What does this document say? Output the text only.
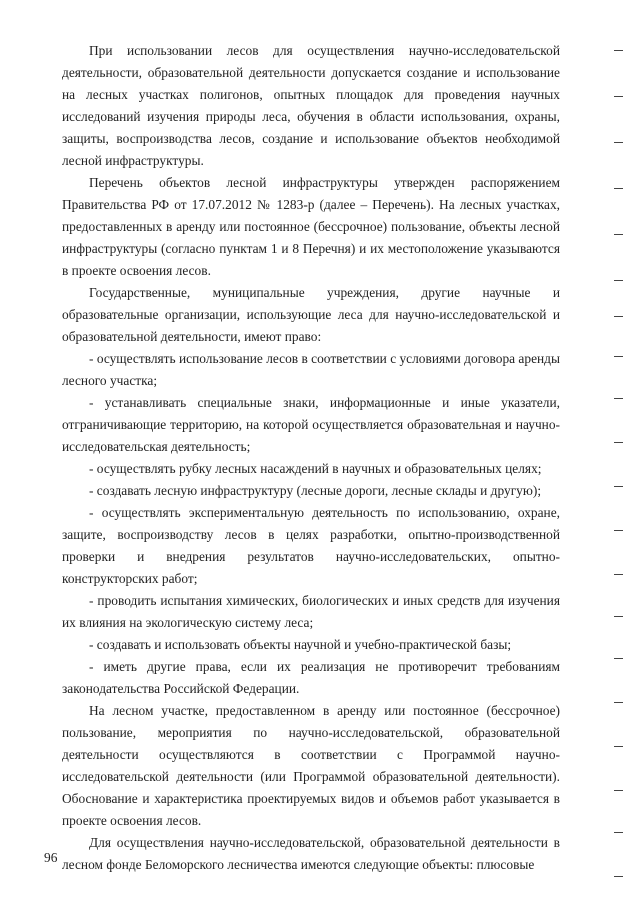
При использовании лесов для осуществления научно-исследовательской деятельности, образовательной деятельности допускается создание и использование на лесных участках полигонов, опытных площадок для проведения научных исследований изучения природы леса, обучения в области использования, охраны, защиты, воспроизводства лесов, создание и использование объектов необходимой лесной инфраструктуры.

Перечень объектов лесной инфраструктуры утвержден распоряжением Правительства РФ от 17.07.2012 № 1283-р (далее – Перечень). На лесных участках, предоставленных в аренду или постоянное (бессрочное) пользование, объекты лесной инфраструктуры (согласно пунктам 1 и 8 Перечня) и их местоположение указываются в проекте освоения лесов.

Государственные, муниципальные учреждения, другие научные и образовательные организации, использующие леса для научно-исследовательской и образовательной деятельности, имеют право:

- осуществлять использование лесов в соответствии с условиями договора аренды лесного участка;

- устанавливать специальные знаки, информационные и иные указатели, отграничивающие территорию, на которой осуществляется образовательная и научно-исследовательская деятельность;

- осуществлять рубку лесных насаждений в научных и образовательных целях;

- создавать лесную инфраструктуру (лесные дороги, лесные склады и другую);

- осуществлять экспериментальную деятельность по использованию, охране, защите, воспроизводству лесов в целях разработки, опытно-производственной проверки и внедрения результатов научно-исследовательских, опытно-конструкторских работ;

- проводить испытания химических, биологических и иных средств для изучения их влияния на экологическую систему леса;

- создавать и использовать объекты научной и учебно-практической базы;

- иметь другие права, если их реализация не противоречит требованиям законодательства Российской Федерации.

На лесном участке, предоставленном в аренду или постоянное (бессрочное) пользование, мероприятия по научно-исследовательской, образовательной деятельности осуществляются в соответствии с Программой научно-исследовательской деятельности (или Программой образовательной деятельности). Обоснование и характеристика проектируемых видов и объемов работ указывается в проекте освоения лесов.

Для осуществления научно-исследовательской, образовательной деятельности в лесном фонде Беломорского лесничества имеются следующие объекты: плюсовые

96
